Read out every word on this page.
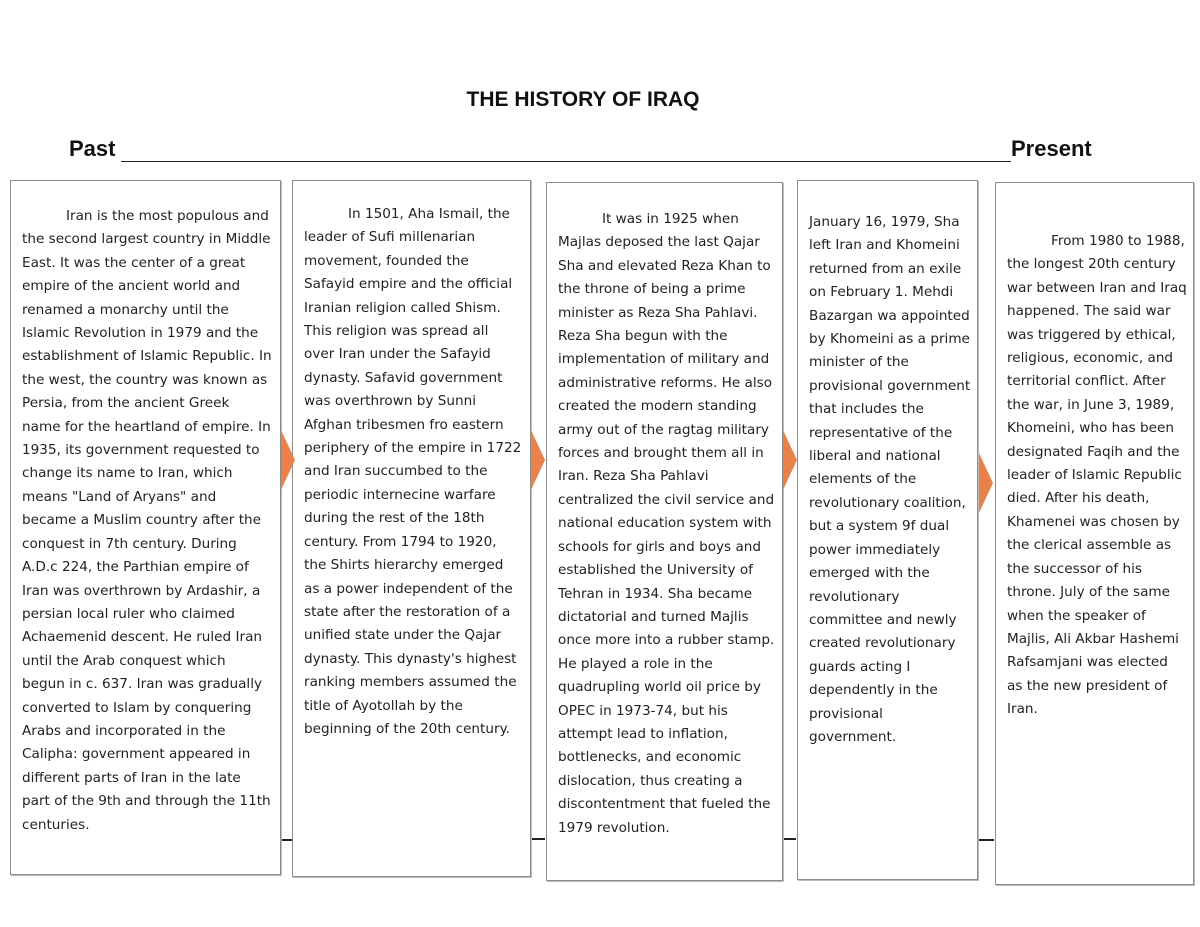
THE HISTORY OF IRAQ
Past	Present

Iran is the most populous and the second largest country in Middle East. It was the center of a great empire of the ancient world and renamed a monarchy until the Islamic Revolution in 1979 and the establishment of Islamic Republic. In the west, the country was known as Persia, from the ancient Greek name for the heartland of empire. In 1935, its government requested to change its name to Iran, which means "Land of Aryans" and became a Muslim country after the conquest in 7th century. During A.D.c 224, the Parthian empire of Iran was overthrown by Ardashir, a persian local ruler who claimed Achaemenid descent. He ruled Iran until the Arab conquest which begun in c. 637. Iran was gradually converted to Islam by conquering Arabs and incorporated in the Calipha: government appeared in different parts of Iran in the late part of the 9th and through the 11th centuries.

In 1501, Aha Ismail, the leader of Sufi millenarian movement, founded the Safayid empire and the official Iranian religion called Shism. This religion was spread all over Iran under the Safayid dynasty. Safavid government was overthrown by Sunni Afghan tribesmen fro eastern periphery of the empire in 1722 and Iran succumbed to the periodic internecine warfare during the rest of the 18th century. From 1794 to 1920, the Shirts hierarchy emerged as a power independent of the state after the restoration of a unified state under the Qajar dynasty. This dynasty's highest ranking members assumed the title of Ayotollah by the beginning of the 20th century.

It was in 1925 when Majlas deposed the last Qajar Sha and elevated Reza Khan to the throne of being a prime minister as Reza Sha Pahlavi. Reza Sha begun with the implementation of military and administrative reforms. He also created the modern standing army out of the ragtag military forces and brought them all in Iran. Reza Sha Pahlavi centralized the civil service and national education system with schools for girls and boys and established the University of Tehran in 1934. Sha became dictatorial and turned Majlis once more into a rubber stamp. He played a role in the quadrupling world oil price by OPEC in 1973-74, but his attempt lead to inflation, bottlenecks, and economic dislocation, thus creating a discontentment that fueled the 1979 revolution.

January 16, 1979, Sha left Iran and Khomeini returned from an exile on February 1. Mehdi Bazargan wa appointed by Khomeini as a prime minister of the provisional government that includes the representative of the liberal and national elements of the revolutionary coalition, but a system 9f dual power immediately emerged with the revolutionary committee and newly created revolutionary guards acting I dependently in the provisional government.

From 1980 to 1988, the longest 20th century war between Iran and Iraq happened. The said war was triggered by ethical, religious, economic, and territorial conflict. After the war, in June 3, 1989, Khomeini, who has been designated Faqih and the leader of Islamic Republic died. After his death, Khamenei was chosen by the clerical assemble as the successor of his throne. July of the same when the speaker of Majlis, Ali Akbar Hashemi Rafsamjani was elected as the new president of Iran.
